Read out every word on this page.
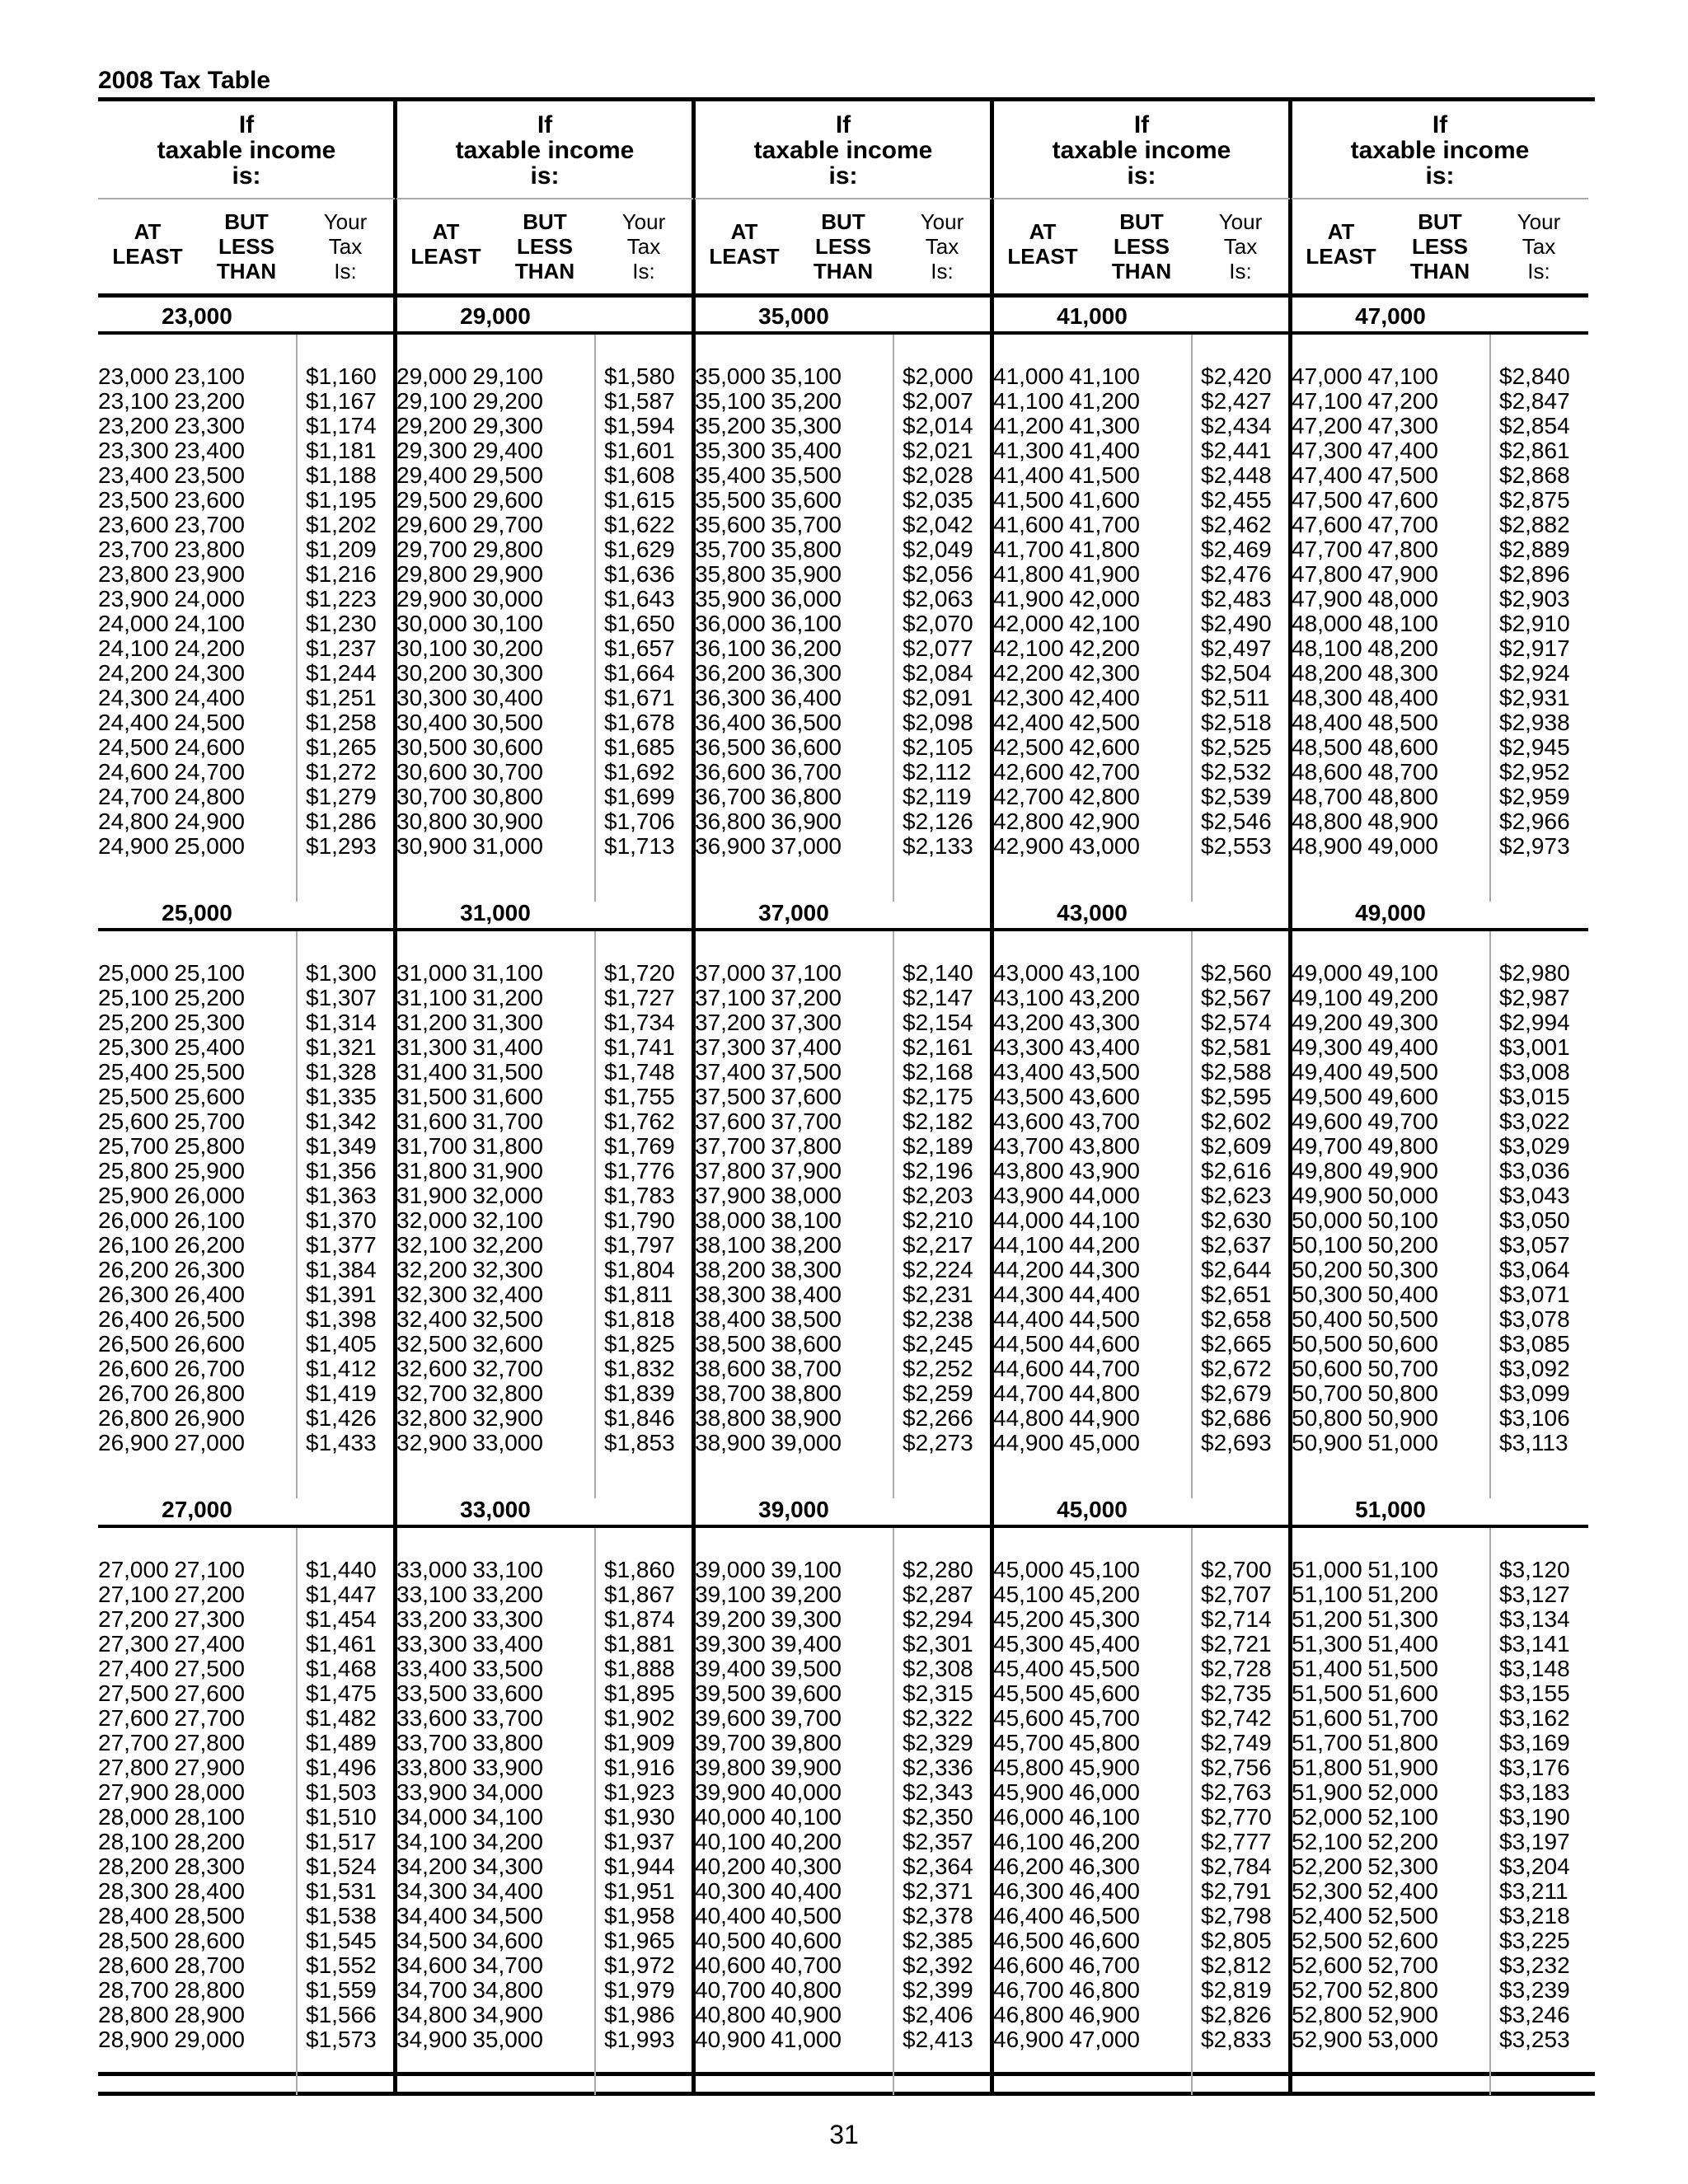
2008 Tax Table
If
taxable income
is:
AT
LEAST
BUT
LESS
THAN
Your
Tax
Is:
23,000
23,000 23,100	$1,160
23,100 23,200	$1,167
23,200 23,300	$1,174
23,300 23,400	$1,181
23,400 23,500	$1,188
23,500 23,600	$1,195
23,600 23,700	$1,202
23,700 23,800	$1,209
23,800 23,900	$1,216
23,900 24,000	$1,223
24,000 24,100	$1,230
24,100 24,200	$1,237
24,200 24,300	$1,244
24,300 24,400	$1,251
24,400 24,500	$1,258
24,500 24,600	$1,265
24,600 24,700	$1,272
24,700 24,800	$1,279
24,800 24,900	$1,286
24,900 25,000	$1,293
25,000
25,000 25,100	$1,300
25,100 25,200	$1,307
25,200 25,300	$1,314
25,300 25,400	$1,321
25,400 25,500	$1,328
25,500 25,600	$1,335
25,600 25,700	$1,342
25,700 25,800	$1,349
25,800 25,900	$1,356
25,900 26,000	$1,363
26,000 26,100	$1,370
26,100 26,200	$1,377
26,200 26,300	$1,384
26,300 26,400	$1,391
26,400 26,500	$1,398
26,500 26,600	$1,405
26,600 26,700	$1,412
26,700 26,800	$1,419
26,800 26,900	$1,426
26,900 27,000	$1,433
27,000
27,000 27,100	$1,440
27,100 27,200	$1,447
27,200 27,300	$1,454
27,300 27,400	$1,461
27,400 27,500	$1,468
27,500 27,600	$1,475
27,600 27,700	$1,482
27,700 27,800	$1,489
27,800 27,900	$1,496
27,900 28,000	$1,503
28,000 28,100	$1,510
28,100 28,200	$1,517
28,200 28,300	$1,524
28,300 28,400	$1,531
28,400 28,500	$1,538
28,500 28,600	$1,545
28,600 28,700	$1,552
28,700 28,800	$1,559
28,800 28,900	$1,566
28,900 29,000	$1,573
If
taxable income
is:
AT
LEAST
BUT
LESS
THAN
Your
Tax
Is:
29,000
29,000 29,100	$1,580
29,100 29,200	$1,587
29,200 29,300	$1,594
29,300 29,400	$1,601
29,400 29,500	$1,608
29,500 29,600	$1,615
29,600 29,700	$1,622
29,700 29,800	$1,629
29,800 29,900	$1,636
29,900 30,000	$1,643
30,000 30,100	$1,650
30,100 30,200	$1,657
30,200 30,300	$1,664
30,300 30,400	$1,671
30,400 30,500	$1,678
30,500 30,600	$1,685
30,600 30,700	$1,692
30,700 30,800	$1,699
30,800 30,900	$1,706
30,900 31,000	$1,713
31,000
31,000 31,100	$1,720
31,100 31,200	$1,727
31,200 31,300	$1,734
31,300 31,400	$1,741
31,400 31,500	$1,748
31,500 31,600	$1,755
31,600 31,700	$1,762
31,700 31,800	$1,769
31,800 31,900	$1,776
31,900 32,000	$1,783
32,000 32,100	$1,790
32,100 32,200	$1,797
32,200 32,300	$1,804
32,300 32,400	$1,811
32,400 32,500	$1,818
32,500 32,600	$1,825
32,600 32,700	$1,832
32,700 32,800	$1,839
32,800 32,900	$1,846
32,900 33,000	$1,853
33,000
33,000 33,100	$1,860
33,100 33,200	$1,867
33,200 33,300	$1,874
33,300 33,400	$1,881
33,400 33,500	$1,888
33,500 33,600	$1,895
33,600 33,700	$1,902
33,700 33,800	$1,909
33,800 33,900	$1,916
33,900 34,000	$1,923
34,000 34,100	$1,930
34,100 34,200	$1,937
34,200 34,300	$1,944
34,300 34,400	$1,951
34,400 34,500	$1,958
34,500 34,600	$1,965
34,600 34,700	$1,972
34,700 34,800	$1,979
34,800 34,900	$1,986
34,900 35,000	$1,993
If
taxable income
is:
AT
LEAST
BUT
LESS
THAN
Your
Tax
Is:
35,000
35,000 35,100	$2,000
35,100 35,200	$2,007
35,200 35,300	$2,014
35,300 35,400	$2,021
35,400 35,500	$2,028
35,500 35,600	$2,035
35,600 35,700	$2,042
35,700 35,800	$2,049
35,800 35,900	$2,056
35,900 36,000	$2,063
36,000 36,100	$2,070
36,100 36,200	$2,077
36,200 36,300	$2,084
36,300 36,400	$2,091
36,400 36,500	$2,098
36,500 36,600	$2,105
36,600 36,700	$2,112
36,700 36,800	$2,119
36,800 36,900	$2,126
36,900 37,000	$2,133
37,000
37,000 37,100	$2,140
37,100 37,200	$2,147
37,200 37,300	$2,154
37,300 37,400	$2,161
37,400 37,500	$2,168
37,500 37,600	$2,175
37,600 37,700	$2,182
37,700 37,800	$2,189
37,800 37,900	$2,196
37,900 38,000	$2,203
38,000 38,100	$2,210
38,100 38,200	$2,217
38,200 38,300	$2,224
38,300 38,400	$2,231
38,400 38,500	$2,238
38,500 38,600	$2,245
38,600 38,700	$2,252
38,700 38,800	$2,259
38,800 38,900	$2,266
38,900 39,000	$2,273
39,000
39,000 39,100	$2,280
39,100 39,200	$2,287
39,200 39,300	$2,294
39,300 39,400	$2,301
39,400 39,500	$2,308
39,500 39,600	$2,315
39,600 39,700	$2,322
39,700 39,800	$2,329
39,800 39,900	$2,336
39,900 40,000	$2,343
40,000 40,100	$2,350
40,100 40,200	$2,357
40,200 40,300	$2,364
40,300 40,400	$2,371
40,400 40,500	$2,378
40,500 40,600	$2,385
40,600 40,700	$2,392
40,700 40,800	$2,399
40,800 40,900	$2,406
40,900 41,000	$2,413
If
taxable income
is:
AT
LEAST
BUT
LESS
THAN
Your
Tax
Is:
41,000
41,000 41,100	$2,420
41,100 41,200	$2,427
41,200 41,300	$2,434
41,300 41,400	$2,441
41,400 41,500	$2,448
41,500 41,600	$2,455
41,600 41,700	$2,462
41,700 41,800	$2,469
41,800 41,900	$2,476
41,900 42,000	$2,483
42,000 42,100	$2,490
42,100 42,200	$2,497
42,200 42,300	$2,504
42,300 42,400	$2,511
42,400 42,500	$2,518
42,500 42,600	$2,525
42,600 42,700	$2,532
42,700 42,800	$2,539
42,800 42,900	$2,546
42,900 43,000	$2,553
43,000
43,000 43,100	$2,560
43,100 43,200	$2,567
43,200 43,300	$2,574
43,300 43,400	$2,581
43,400 43,500	$2,588
43,500 43,600	$2,595
43,600 43,700	$2,602
43,700 43,800	$2,609
43,800 43,900	$2,616
43,900 44,000	$2,623
44,000 44,100	$2,630
44,100 44,200	$2,637
44,200 44,300	$2,644
44,300 44,400	$2,651
44,400 44,500	$2,658
44,500 44,600	$2,665
44,600 44,700	$2,672
44,700 44,800	$2,679
44,800 44,900	$2,686
44,900 45,000	$2,693
45,000
45,000 45,100	$2,700
45,100 45,200	$2,707
45,200 45,300	$2,714
45,300 45,400	$2,721
45,400 45,500	$2,728
45,500 45,600	$2,735
45,600 45,700	$2,742
45,700 45,800	$2,749
45,800 45,900	$2,756
45,900 46,000	$2,763
46,000 46,100	$2,770
46,100 46,200	$2,777
46,200 46,300	$2,784
46,300 46,400	$2,791
46,400 46,500	$2,798
46,500 46,600	$2,805
46,600 46,700	$2,812
46,700 46,800	$2,819
46,800 46,900	$2,826
46,900 47,000	$2,833
If
taxable income
is:
AT
LEAST
BUT
LESS
THAN
Your
Tax
Is:
47,000
47,000 47,100	$2,840
47,100 47,200	$2,847
47,200 47,300	$2,854
47,300 47,400	$2,861
47,400 47,500	$2,868
47,500 47,600	$2,875
47,600 47,700	$2,882
47,700 47,800	$2,889
47,800 47,900	$2,896
47,900 48,000	$2,903
48,000 48,100	$2,910
48,100 48,200	$2,917
48,200 48,300	$2,924
48,300 48,400	$2,931
48,400 48,500	$2,938
48,500 48,600	$2,945
48,600 48,700	$2,952
48,700 48,800	$2,959
48,800 48,900	$2,966
48,900 49,000	$2,973
49,000
49,000 49,100	$2,980
49,100 49,200	$2,987
49,200 49,300	$2,994
49,300 49,400	$3,001
49,400 49,500	$3,008
49,500 49,600	$3,015
49,600 49,700	$3,022
49,700 49,800	$3,029
49,800 49,900	$3,036
49,900 50,000	$3,043
50,000 50,100	$3,050
50,100 50,200	$3,057
50,200 50,300	$3,064
50,300 50,400	$3,071
50,400 50,500	$3,078
50,500 50,600	$3,085
50,600 50,700	$3,092
50,700 50,800	$3,099
50,800 50,900	$3,106
50,900 51,000	$3,113
51,000
51,000 51,100	$3,120
51,100 51,200	$3,127
51,200 51,300	$3,134
51,300 51,400	$3,141
51,400 51,500	$3,148
51,500 51,600	$3,155
51,600 51,700	$3,162
51,700 51,800	$3,169
51,800 51,900	$3,176
51,900 52,000	$3,183
52,000 52,100	$3,190
52,100 52,200	$3,197
52,200 52,300	$3,204
52,300 52,400	$3,211
52,400 52,500	$3,218
52,500 52,600	$3,225
52,600 52,700	$3,232
52,700 52,800	$3,239
52,800 52,900	$3,246
52,900 53,000	$3,253
31
